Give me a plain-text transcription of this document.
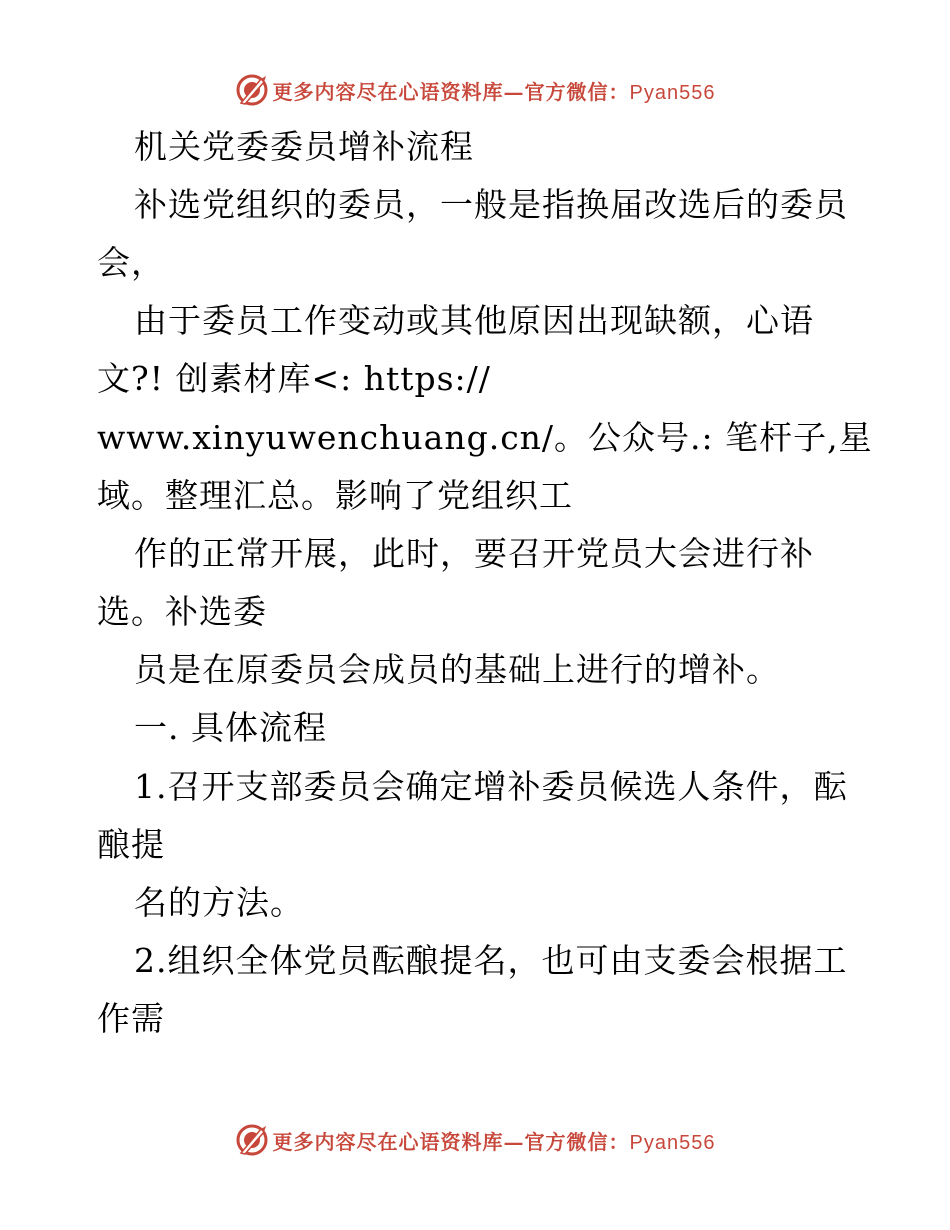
更多内容尽在心语资料库—官方微信：Pyan556
机关党委委员增补流程
补选党组织的委员，一般是指换届改选后的委员
会，
由于委员工作变动或其他原因出现缺额，心语
文?! 创素材库<: https://
www.xinyuwenchuang.cn/。公众号.: 笔杆子,星
域。整理汇总。影响了党组织工
作的正常开展，此时，要召开党员大会进行补
选。补选委
员是在原委员会成员的基础上进行的增补。
一. 具体流程
1.召开支部委员会确定增补委员候选人条件，酝
酿提
名的方法。
2.组织全体党员酝酿提名，也可由支委会根据工
作需
更多内容尽在心语资料库—官方微信：Pyan556
